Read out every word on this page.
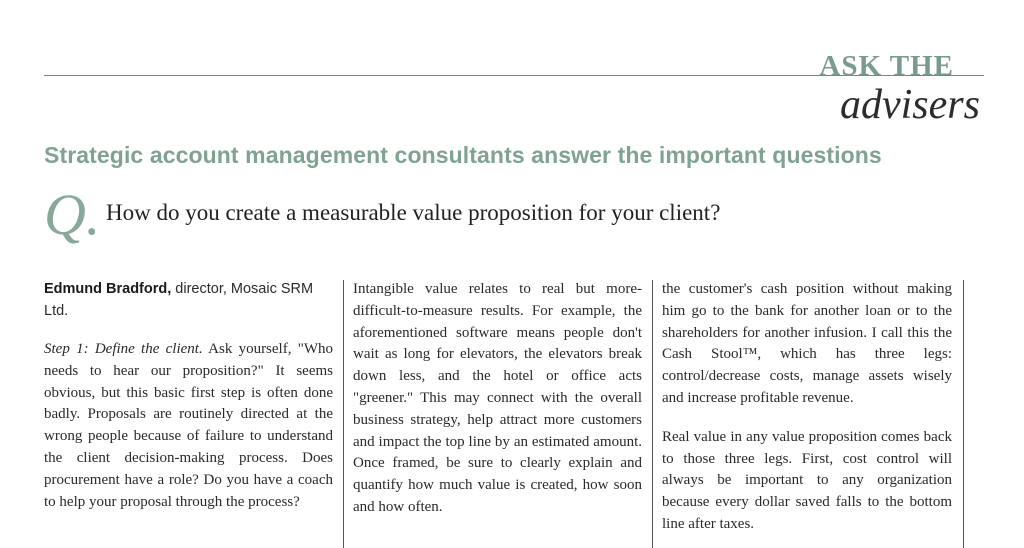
ASK THE
advisers
Strategic account management consultants answer the important questions
Q. How do you create a measurable value proposition for your client?

Edmund Bradford, director, Mosaic SRM Ltd.

Step 1: Define the client. Ask yourself, "Who needs to hear our proposition?" It seems obvious, but this basic first step is often done badly. Proposals are routinely directed at the wrong people because of failure to understand the client decision-making process. Does procurement have a role? Do you have a coach to help your proposal through the process?

Intangible value relates to real but more-difficult-to-measure results. For example, the aforementioned software means people don't wait as long for elevators, the elevators break down less, and the hotel or office acts "greener." This may connect with the overall business strategy, help attract more customers and impact the top line by an estimated amount. Once framed, be sure to clearly explain and quantify how much value is created, how soon and how often.

the customer's cash position without making him go to the bank for another loan or to the shareholders for another infusion. I call this the Cash Stool™, which has three legs: control/decrease costs, manage assets wisely and increase profitable revenue.

Real value in any value proposition comes back to those three legs. First, cost control will always be important to any organization because every dollar saved falls to the bottom line after taxes.
